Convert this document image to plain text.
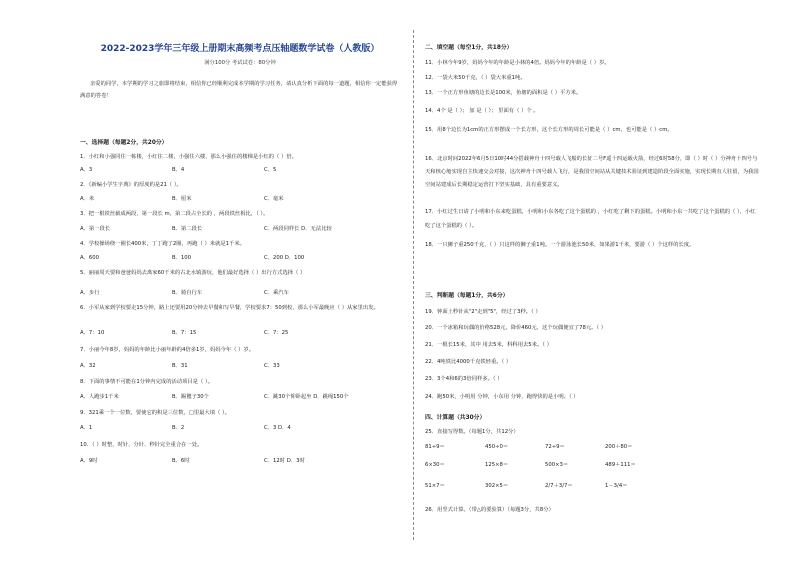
2022-2023学年三年级上册期末高频考点压轴题数学试卷（人教版）
满分100分 考试试卷：80分钟
亲爱的同学，本学期的学习之旅即将结束，相信你已经顺利完成本学期的学习任务，请认真分析下面的每一道题，相信你一定能获得满意的答卷！
一、选择题（每题2分，共20分）
1．小红和小强同住一栋楼，小红住二楼，小强住六楼，那么小强住的楼梯是小红的（ ）倍。
A．3	B．4	C．5
2．《新编小学生字典》的厚度约是21（ ）。
A．米	B．厘米	C．毫米
3．把一根铁丝截成两段，第一段长 m，第二段占全长的 ，两段铁丝相比，（ ）。
A．第一段长	B．第二段长	C．两段同样长 D．无法比较
4．学校操场绕一圈长400米，丁丁跑了2圈，再跑（ ）米就是1千米。
A．600	B．100	C．200 D．100
5．丽丽周天要和爸爸妈妈去离家60千米的古北水镇游玩，他们最好选择（ ）出行方式选择（ ）
A．步行	B．骑自行车	C．乘汽车
6．小军从家到学校要走15分钟，路上还要用20分钟去早餐和写早餐，学校要求7：50到校，那么小军最晚应（ ）从家里出发。
A．7：10	B．7：15	C．7：25
7．小丽今年8岁，妈妈的年龄比小丽年龄的4倍多1岁，妈妈今年（ ）岁。
A．32	B．31	C．33
8．下面的事情不可能在1分钟内完成的活动项目是（ ）。
A．人跑步1千米	B．踢毽子30个	C．跳30个仰卧起坐 D．跳绳150个
9．321乘一个一位数，要使它的积是三位数，□里最大填（ ）。
A．1	B．2	C．3 D．4
10．（ ）时整，时针、分针、秒针完全重合在一处。
A．9时	B．6时	C．12时 D．3时
二、填空题（每空1分，共18分）
11．小林今年9岁，妈妈今年的年龄是小林的4倍。妈妈今年的年龄是（ ）岁。
12．一袋大米50千克，（ ）袋大米重1吨。
13．一个正方形鱼塘的边长是100米，鱼塘的面积是（ ）平方米。
14．4个 是（ ）； 加 是（ ）； 里面有（ ）个 。
15．用8个边长为1cm的正方形摆成一个长方形，这个长方形的周长可能是（ ）cm，也可能是（ ）cm。
16．北京时间2022年6月5日10时44分搭载神舟十四号载人飞船的长征二号F遥十四运载火箭，经过6时58分，即（ ）时（ ）分神舟十四号与天和核心舱实现自主快速交会对接，这次神舟十四号载人飞行，是我国空间站从关键技术验证到建造阶段全面实施，实现长期有人驻留，为我国空间站建成后长期稳定运营打下坚实基础，具有重要意义。
17．小红过生日请了小明和小东来吃蛋糕，小明和小东各吃了这个蛋糕的 ，小红吃了剩下的蛋糕。小明和小东一共吃了这个蛋糕的（ ），小红吃了这个蛋糕的（ ）。
18．一只狮子重250千克，（ ）只这样的狮子重1吨。一个游泳池长50米，如果游1千米，要游（ ）个这样的长度。
三、判断题（每题1分，共6分）
19．钟面上秒针从"2"走到"5"，经过了3秒。（ ）
20．一个冰箱和玩偶的价格528元，降价460元，这个玩偶便宜了78元。（ ）
21．一根长15米，其中 用去5米，科科用去5米。（ ）
22．4吨铁比4000千克铁轻重。（ ）
23．3个4和6的3倍同样多。（ ）
24．跑50米，小明用 分钟，小东用 分钟，跑得快的是小明。（ ）
四、计算题（共30分）
25．直接写得数。（每题1分，共12分）
81÷9＝	450÷0＝	72÷9＝	200＋80＝
6×30＝	125×8＝	500×3＝	489＋111＝
51×7＝	302×5＝	2/7＋3/7＝	1－3/4＝
26．用竖式计算。（带△的要验算）（每题3分，共8分）
